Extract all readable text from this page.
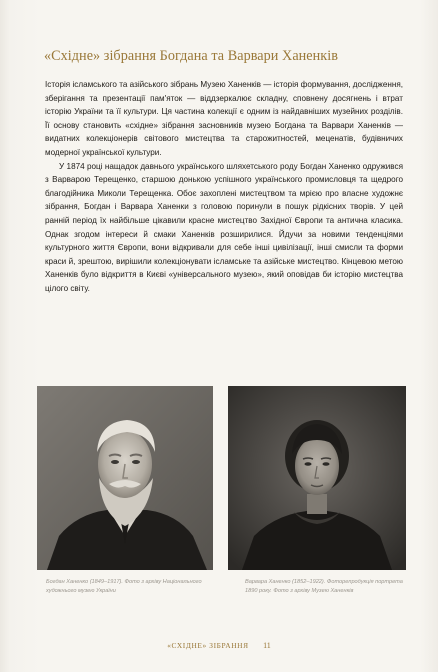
«Східне» зібрання Богдана та Варвари Ханенків

Історія ісламського та азійського зібрань Музею Ханенків — історія формування, дослідження, зберігання та презентації пам'яток — віддзеркалює складну, сповнену досягнень і втрат історію України та її культури. Ця частина колекції є одним із найдавніших музейних розділів. Її основу становить «східне» зібрання засновників музею Богдана та Варвари Ханенків — видатних колекціонерів світового мистецтва та старожитностей, меценатів, будівничих модерної української культури.

У 1874 році нащадок давнього українського шляхетського роду Богдан Ханенко одружився з Варварою Терещенко, старшою донькою успішного українського промисловця та щедрого благодійника Миколи Терещенка. Обоє захоплені мистецтвом та мрією про власне художнє зібрання, Богдан і Варвара Ханенки з головою поринули в пошук рідкісних творів. У цей ранній період їх найбільше цікавили красне мистецтво Західної Європи та антична класика. Однак згодом інтереси й смаки Ханенків розширилися. Йдучи за новими тенденціями культурного життя Європи, вони відкривали для себе інші цивілізації, інші смисли та форми краси й, зрештою, вирішили колекціонувати ісламське та азійське мистецтво. Кінцевою метою Ханенків було відкриття в Києві «універсального музею», який оповідав би історію мистецтва цілого світу.

Богдан Ханенко (1849–1917). Фото з архіву Національного художнього музею України
Варвара Ханенко (1852–1922). Фоторепродукція портрета 1890 року. Фото з архіву Музею Ханенків
«СХІДНЕ» ЗІБРАННЯ 11
